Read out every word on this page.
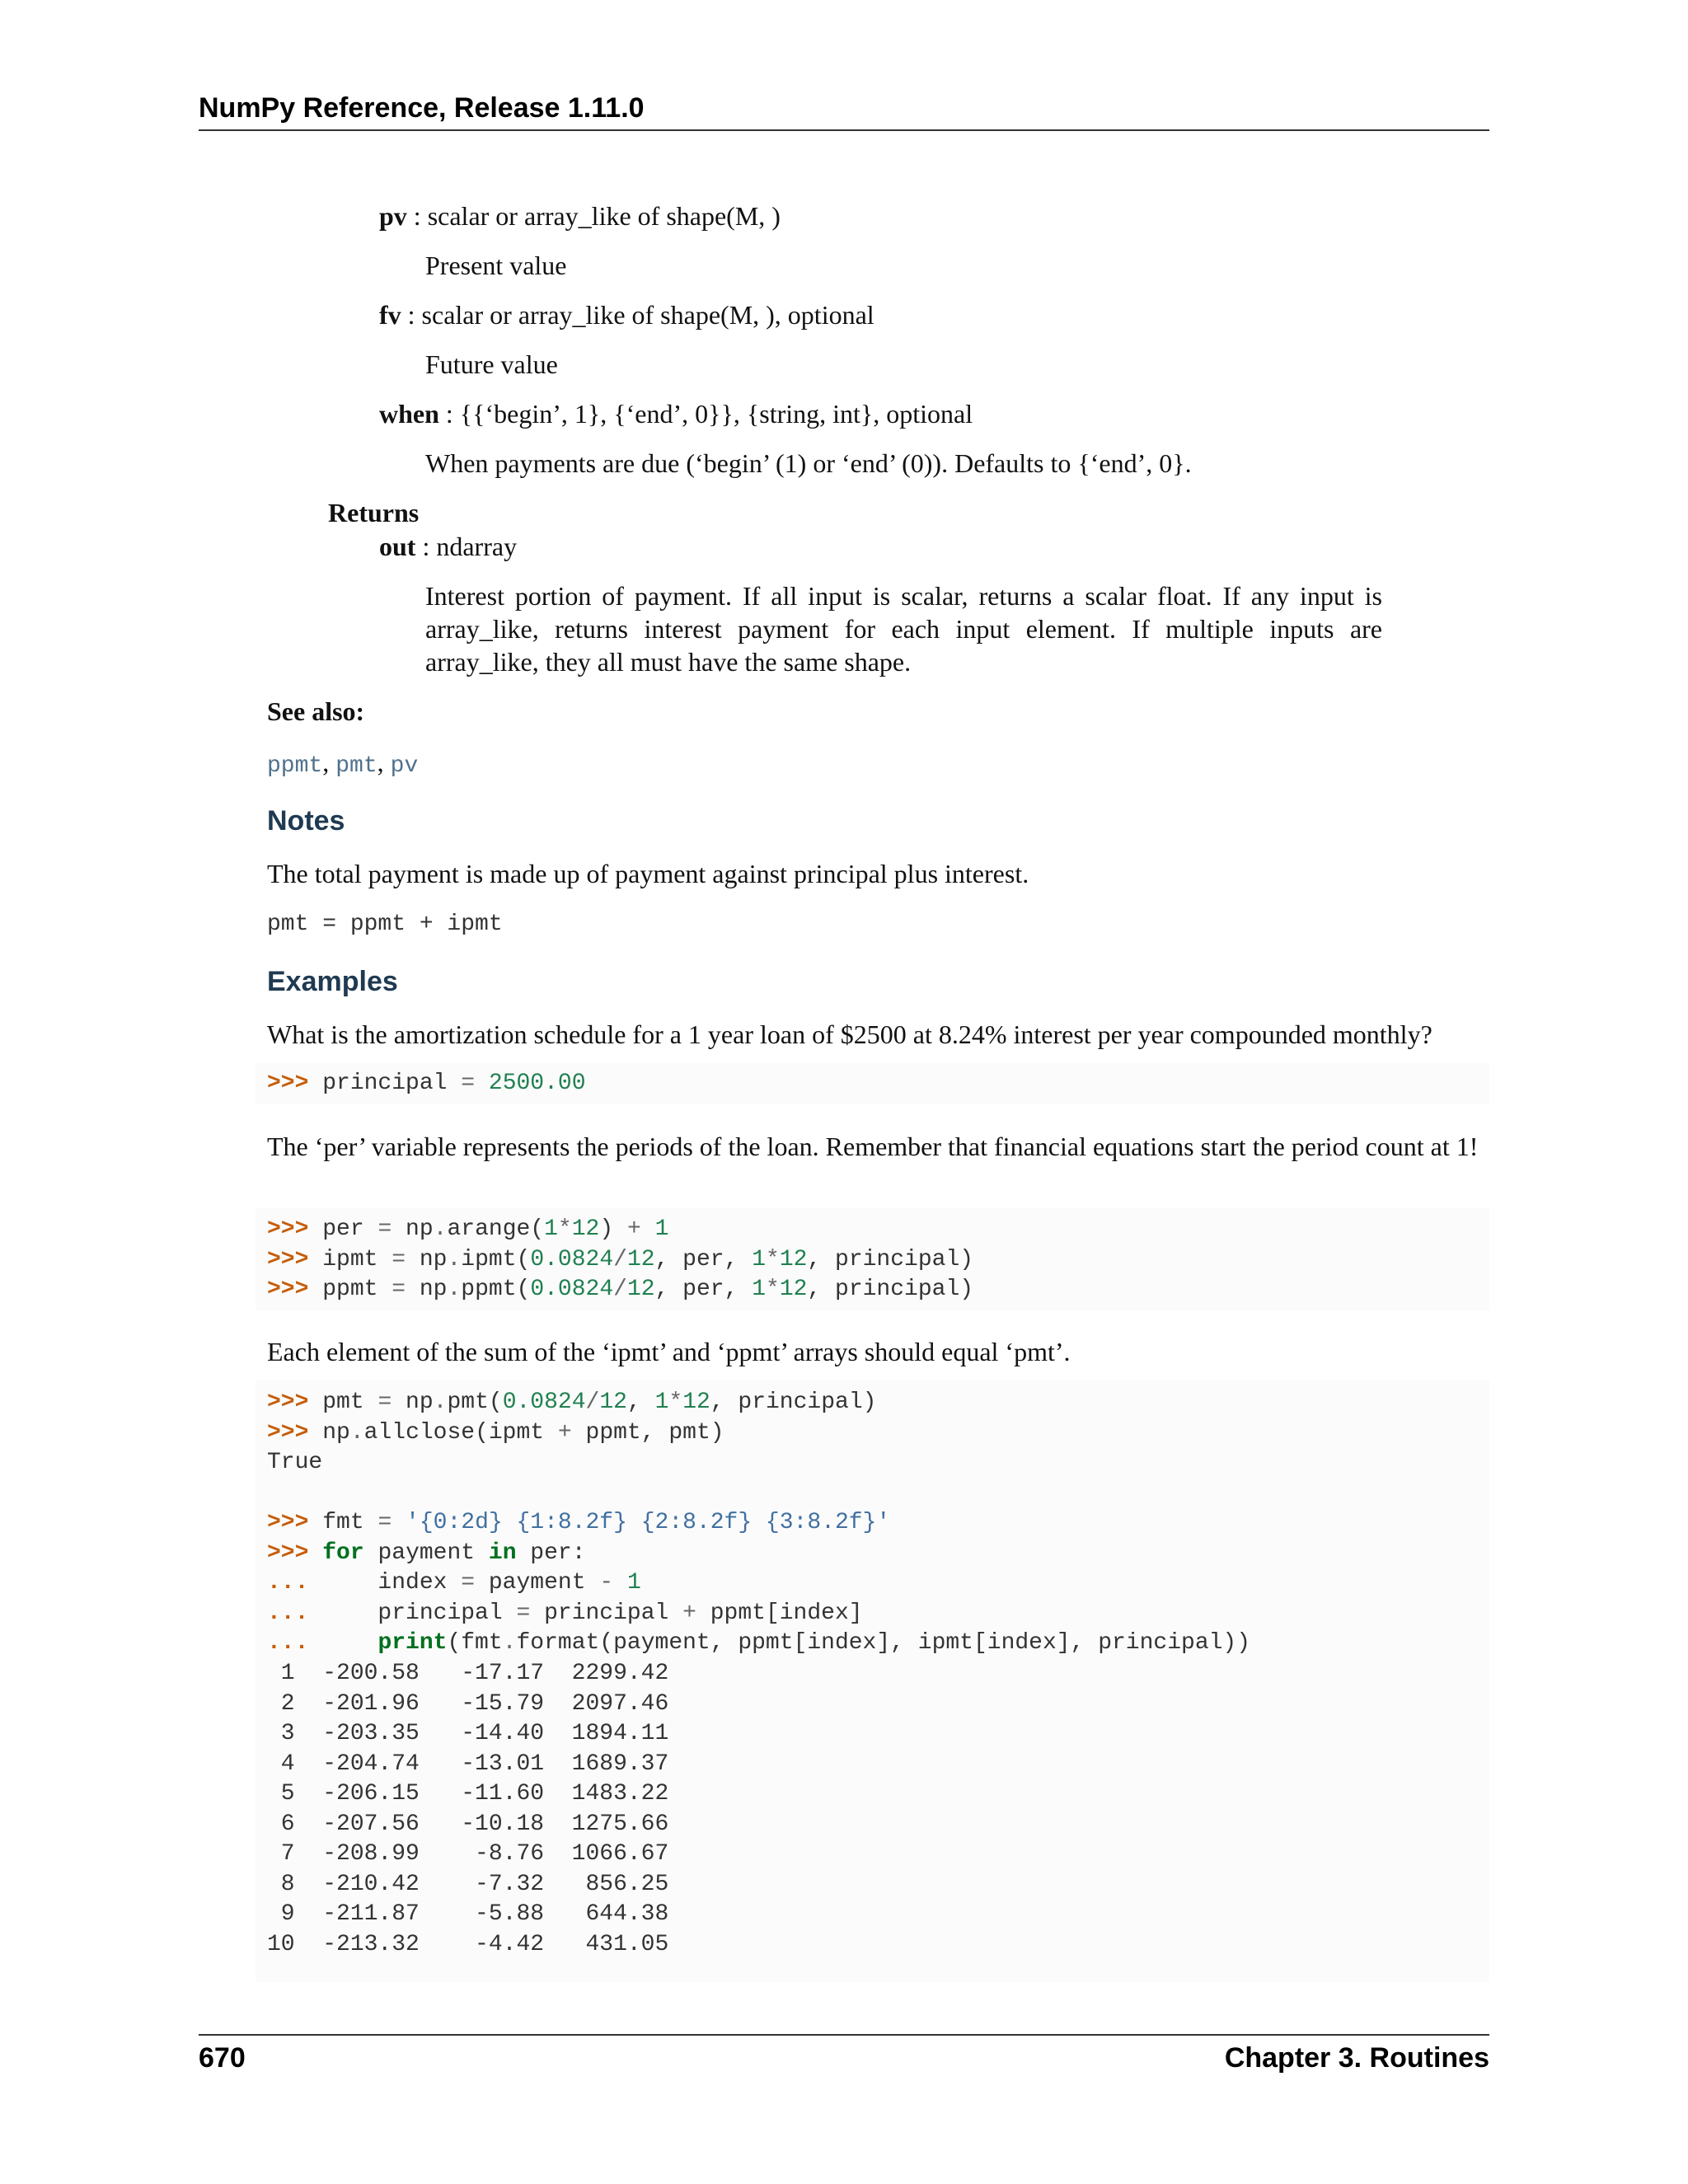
NumPy Reference, Release 1.11.0
pv : scalar or array_like of shape(M, )
Present value
fv : scalar or array_like of shape(M, ), optional
Future value
when : {{‘begin’, 1}, {‘end’, 0}}, {string, int}, optional
When payments are due (‘begin’ (1) or ‘end’ (0)). Defaults to {‘end’, 0}.
Returns
out : ndarray
Interest portion of payment. If all input is scalar, returns a scalar float. If any input is array_like, returns interest payment for each input element. If multiple inputs are array_like, they all must have the same shape.
See also:
ppmt, pmt, pv
Notes
The total payment is made up of payment against principal plus interest.
pmt = ppmt + ipmt
Examples
What is the amortization schedule for a 1 year loan of $2500 at 8.24% interest per year compounded monthly?
>>> principal = 2500.00
The ‘per’ variable represents the periods of the loan. Remember that financial equations start the period count at 1!
>>> per = np.arange(1*12) + 1
>>> ipmt = np.ipmt(0.0824/12, per, 1*12, principal)
>>> ppmt = np.ppmt(0.0824/12, per, 1*12, principal)
Each element of the sum of the ‘ipmt’ and ‘ppmt’ arrays should equal ‘pmt’.
>>> pmt = np.pmt(0.0824/12, 1*12, principal)
>>> np.allclose(ipmt + ppmt, pmt)
True
>>> fmt = '{0:2d} {1:8.2f} {2:8.2f} {3:8.2f}'
>>> for payment in per:
...     index = payment - 1
...     principal = principal + ppmt[index]
...	print(fmt.format(payment, ppmt[index], ipmt[index], principal))
1  -200.58   -17.17  2299.42
2  -201.96   -15.79  2097.46
3  -203.35   -14.40  1894.11
4  -204.74   -13.01  1689.37
5  -206.15   -11.60  1483.22
6  -207.56   -10.18  1275.66
7  -208.99    -8.76  1066.67
8  -210.42    -7.32   856.25
9  -211.87    -5.88   644.38
10  -213.32    -4.42   431.05
670	Chapter 3. Routines
